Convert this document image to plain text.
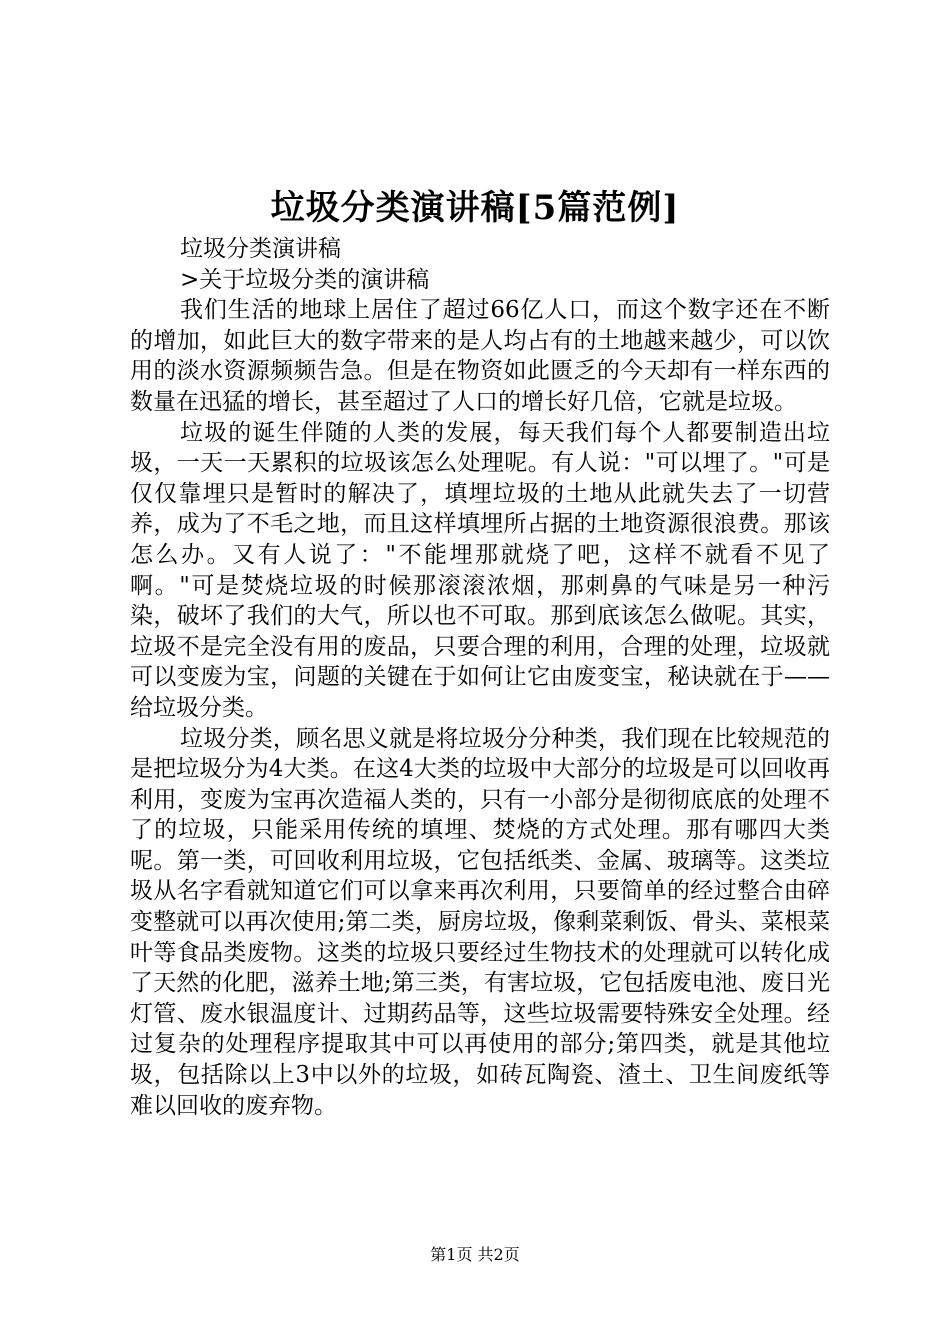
垃圾分类演讲稿[5篇范例]

垃圾分类演讲稿

>关于垃圾分类的演讲稿

我们生活的地球上居住了超过66亿人口，而这个数字还在不断的增加，如此巨大的数字带来的是人均占有的土地越来越少，可以饮用的淡水资源频频告急。但是在物资如此匮乏的今天却有一样东西的数量在迅猛的增长，甚至超过了人口的增长好几倍，它就是垃圾。

垃圾的诞生伴随的人类的发展，每天我们每个人都要制造出垃圾，一天一天累积的垃圾该怎么处理呢。有人说："可以埋了。"可是仅仅靠埋只是暂时的解决了，填埋垃圾的土地从此就失去了一切营养，成为了不毛之地，而且这样填埋所占据的土地资源很浪费。那该怎么办。又有人说了："不能埋那就烧了吧，这样不就看不见了啊。"可是焚烧垃圾的时候那滚滚浓烟，那刺鼻的气味是另一种污染，破坏了我们的大气，所以也不可取。那到底该怎么做呢。其实，垃圾不是完全没有用的废品，只要合理的利用，合理的处理，垃圾就可以变废为宝，问题的关键在于如何让它由废变宝，秘诀就在于——给垃圾分类。

垃圾分类，顾名思义就是将垃圾分分种类，我们现在比较规范的是把垃圾分为4大类。在这4大类的垃圾中大部分的垃圾是可以回收再利用，变废为宝再次造福人类的，只有一小部分是彻彻底底的处理不了的垃圾，只能采用传统的填埋、焚烧的方式处理。那有哪四大类呢。第一类，可回收利用垃圾，它包括纸类、金属、玻璃等。这类垃圾从名字看就知道它们可以拿来再次利用，只要简单的经过整合由碎变整就可以再次使用;第二类，厨房垃圾，像剩菜剩饭、骨头、菜根菜叶等食品类废物。这类的垃圾只要经过生物技术的处理就可以转化成了天然的化肥，滋养土地;第三类，有害垃圾，它包括废电池、废日光灯管、废水银温度计、过期药品等，这些垃圾需要特殊安全处理。经过复杂的处理程序提取其中可以再使用的部分;第四类，就是其他垃圾，包括除以上3中以外的垃圾，如砖瓦陶瓷、渣土、卫生间废纸等难以回收的废弃物。

第1页 共2页
